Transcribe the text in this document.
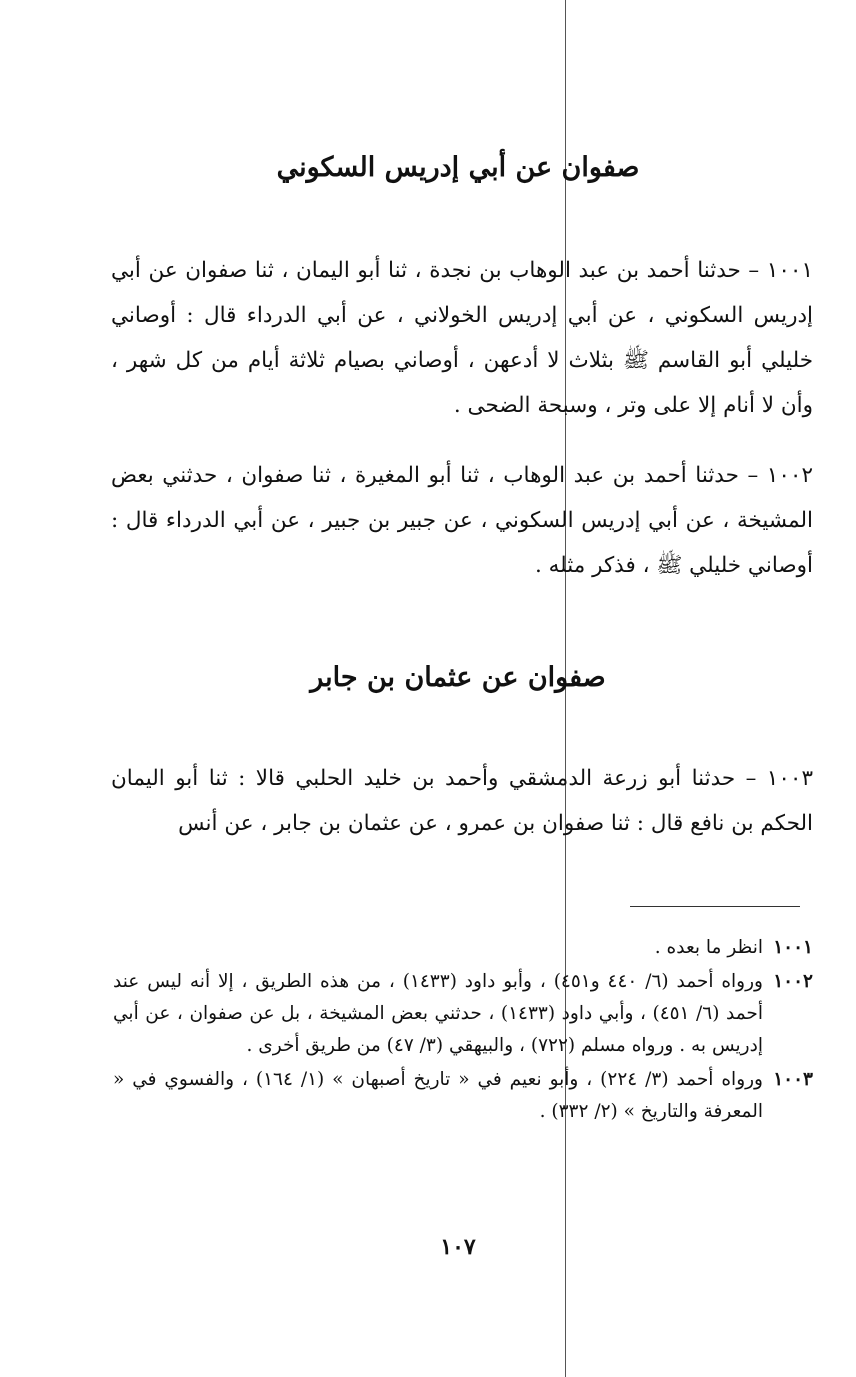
صفوان عن أبي إدريس السكوني

١٠٠١ – حدثنا أحمد بن عبد الوهاب بن نجدة ، ثنا أبو اليمان ، ثنا صفوان عن أبي إدريس السكوني ، عن أبي إدريس الخولاني ، عن أبي الدرداء قال : أوصاني خليلي أبو القاسم ﷺ بثلاث لا أدعهن ، أوصاني بصيام ثلاثة أيام من كل شهر ، وأن لا أنام إلا على وتر ، وسبحة الضحى .

١٠٠٢ – حدثنا أحمد بن عبد الوهاب ، ثنا أبو المغيرة ، ثنا صفوان ، حدثني بعض المشيخة ، عن أبي إدريس السكوني ، عن جبير بن جبير ، عن أبي الدرداء قال : أوصاني خليلي ﷺ ، فذكر مثله .

صفوان عن عثمان بن جابر

١٠٠٣ – حدثنا أبو زرعة الدمشقي وأحمد بن خليد الحلبي قالا : ثنا أبو اليمان الحكم بن نافع قال : ثنا صفوان بن عمرو ، عن عثمان بن جابر ، عن أنس

١٠٠١
انظر ما بعده .
١٠٠٢
ورواه أحمد (٦/ ٤٤٠ و٤٥١) ، وأبو داود (١٤٣٣) ، من هذه الطريق ، إلا أنه ليس عند أحمد (٦/ ٤٥١) ، وأبي داود (١٤٣٣) ، حدثني بعض المشيخة ، بل عن صفوان ، عن أبي إدريس به . ورواه مسلم (٧٢٢) ، والبيهقي (٣/ ٤٧) من طريق أخرى .
١٠٠٣
ورواه أحمد (٣/ ٢٢٤) ، وأبو نعيم في « تاريخ أصبهان » (١/ ١٦٤) ، والفسوي في « المعرفة والتاريخ » (٢/ ٣٣٢) .
١٠٧
